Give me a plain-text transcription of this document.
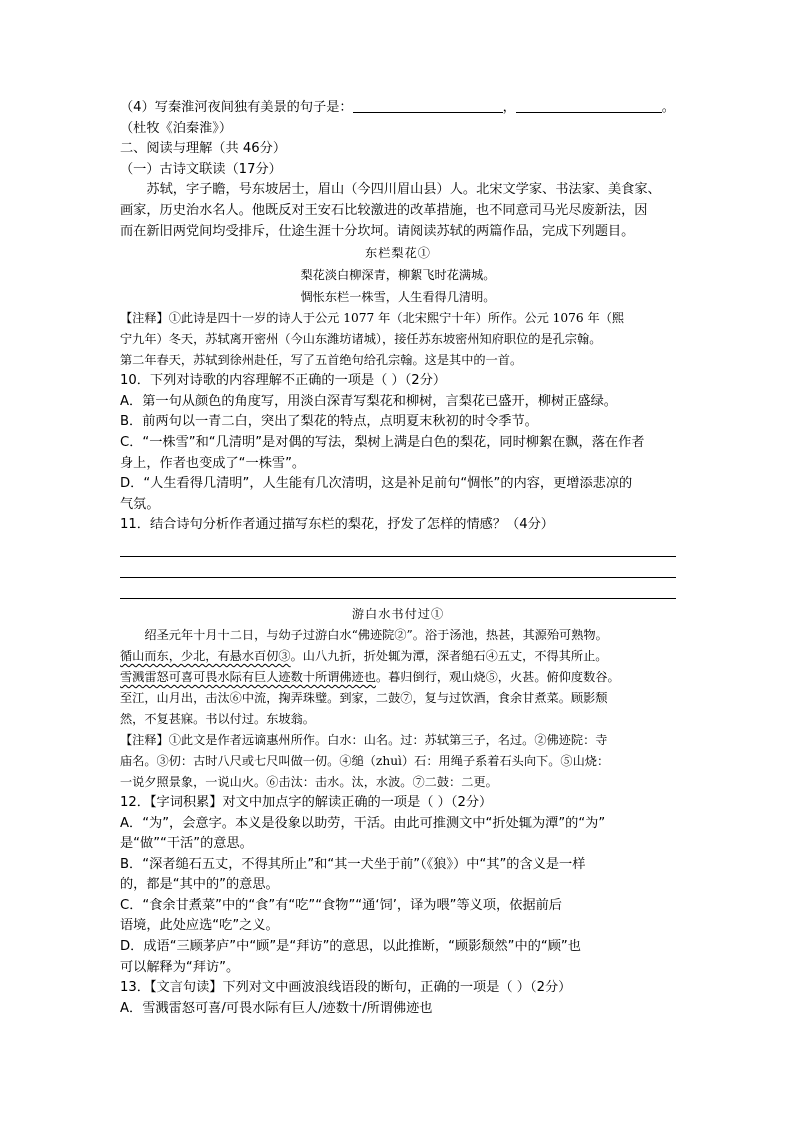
（4）写秦淮河夜间独有美景的句子是：	，	。
（杜牧《泊秦淮》）
二、阅读与理解（共 46分）
（一）古诗文联读（17分）
苏轼，字子瞻，号东坡居士，眉山（今四川眉山县）人。北宋文学家、书法家、美食家、
画家，历史治水名人。他既反对王安石比较激进的改革措施，也不同意司马光尽废新法，因
而在新旧两党间均受排斥，仕途生涯十分坎坷。请阅读苏轼的两篇作品，完成下列题目。
东栏梨花①
梨花淡白柳深青，柳絮飞时花满城。
惆怅东栏一株雪，人生看得几清明。
【注释】①此诗是四十一岁的诗人于公元 1077 年（北宋熙宁十年）所作。公元 1076 年（熙
宁九年）冬天，苏轼离开密州（今山东潍坊诸城），接任苏东坡密州知府职位的是孔宗翰。
第二年春天，苏轼到徐州赴任，写了五首绝句给孔宗翰。这是其中的一首。
10．下列对诗歌的内容理解不正确的一项是（ ）（2分）
A．第一句从颜色的角度写，用淡白深青写梨花和柳树，言梨花已盛开，柳树正盛绿。
B．前两句以一青二白，突出了梨花的特点，点明夏末秋初的时令季节。
C．“一株雪”和“几清明”是对偶的写法，梨树上满是白色的梨花，同时柳絮在飘，落在作者
身上，作者也变成了“一株雪”。
D．“人生看得几清明”，人生能有几次清明，这是补足前句“惆怅”的内容，更增添悲凉的
气氛。
11．结合诗句分析作者通过描写东栏的梨花，抒发了怎样的情感？（4分）
游白水书付过①
绍圣元年十月十二日，与幼子过游白水“佛迹院②”。浴于汤池，热甚，其源殆可熟物。
循山而东，少北，有悬水百仞③。山八九折，折处辄为潭，深者缒石④五丈，不得其所止。
雪溅雷怒可喜可畏水际有巨人迹数十所谓佛迹也。暮归倒行，观山烧⑤，火甚。俯仰度数谷。
至江，山月出，击汰⑥中流，掬弄珠璧。到家，二鼓⑦，复与过饮酒，食余甘煮菜。顾影颓
然，不复甚寐。书以付过。东坡翁。
【注释】①此文是作者远谪惠州所作。白水：山名。过：苏轼第三子，名过。②佛迹院：寺
庙名。③仞：古时八尺或七尺叫做一仞。④缒（zhuì）石：用绳子系着石头向下。⑤山烧：
一说夕照景象，一说山火。⑥击汰：击水。汰，水波。⑦二鼓：二更。
12．【字词积累】对文中加点字的解读正确的一项是（ ）（2分）
A．“为”，会意字。本义是役象以助劳，干活。由此可推测文中“折处辄为潭”的“为”
是“做”“干活”的意思。
B．“深者缒石五丈，不得其所止”和“其一犬坐于前”（《狼》）中“其”的含义是一样
的，都是“其中的”的意思。
C．“食余甘煮菜”中的“食”有“吃”“食物”“通‘饲’，译为喂”等义项，依据前后
语境，此处应选“吃”之义。
D．成语“三顾茅庐”中“顾”是“拜访”的意思，以此推断，“顾影颓然”中的“顾”也
可以解释为“拜访”。
13．【文言句读】下列对文中画波浪线语段的断句，正确的一项是（ ）（2分）
A．雪溅雷怒可喜/可畏水际有巨人/迹数十/所谓佛迹也
